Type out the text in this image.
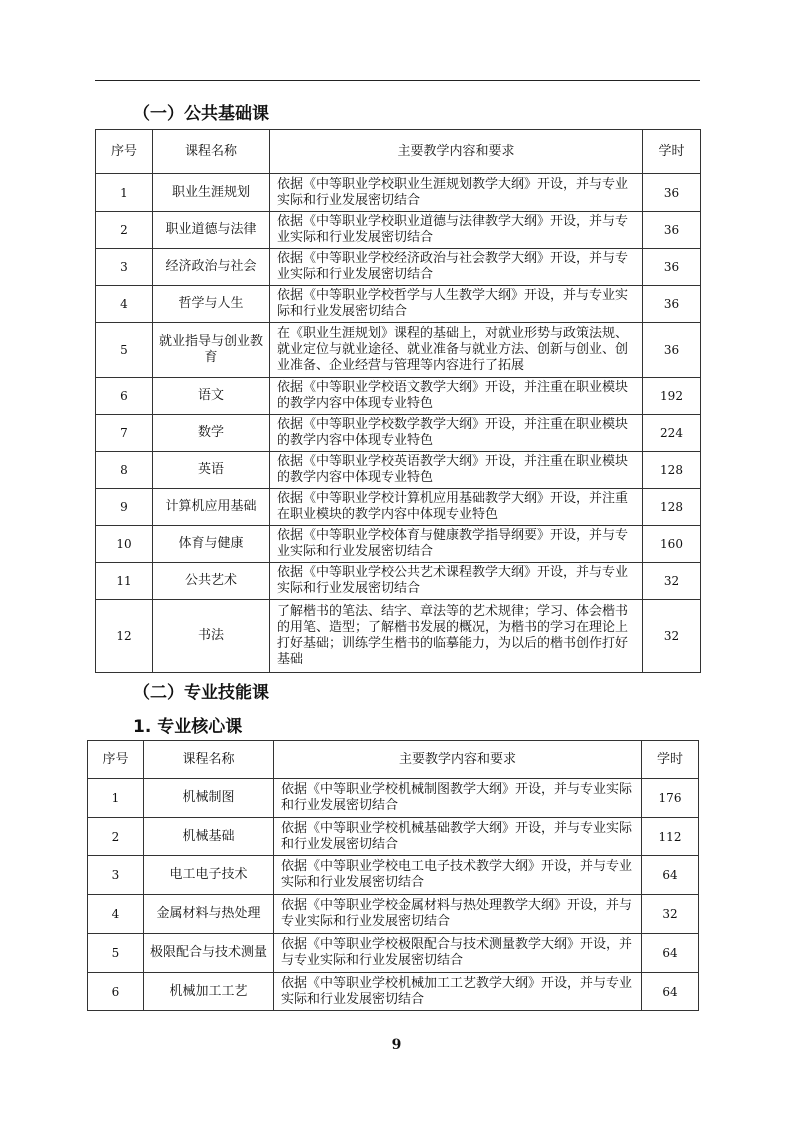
（一）公共基础课
序号	课程名称	主要教学内容和要求	学时
1	职业生涯规划	依据《中等职业学校职业生涯规划教学大纲》开设，并与专业实际和行业发展密切结合	36
2	职业道德与法律	依据《中等职业学校职业道德与法律教学大纲》开设，并与专业实际和行业发展密切结合	36
3	经济政治与社会	依据《中等职业学校经济政治与社会教学大纲》开设，并与专业实际和行业发展密切结合	36
4	哲学与人生	依据《中等职业学校哲学与人生教学大纲》开设，并与专业实际和行业发展密切结合	36
5	就业指导与创业教育	在《职业生涯规划》课程的基础上，对就业形势与政策法规、就业定位与就业途径、就业准备与就业方法、创新与创业、创业准备、企业经营与管理等内容进行了拓展	36
6	语文	依据《中等职业学校语文教学大纲》开设，并注重在职业模块的教学内容中体现专业特色	192
7	数学	依据《中等职业学校数学教学大纲》开设，并注重在职业模块的教学内容中体现专业特色	224
8	英语	依据《中等职业学校英语教学大纲》开设，并注重在职业模块的教学内容中体现专业特色	128
9	计算机应用基础	依据《中等职业学校计算机应用基础教学大纲》开设，并注重在职业模块的教学内容中体现专业特色	128
10	体育与健康	依据《中等职业学校体育与健康教学指导纲要》开设，并与专业实际和行业发展密切结合	160
11	公共艺术	依据《中等职业学校公共艺术课程教学大纲》开设，并与专业实际和行业发展密切结合	32
12	书法	了解楷书的笔法、结字、章法等的艺术规律；学习、体会楷书的用笔、造型；了解楷书发展的概况，为楷书的学习在理论上打好基础；训练学生楷书的临摹能力，为以后的楷书创作打好基础	32
（二）专业技能课
1. 专业核心课
序号	课程名称	主要教学内容和要求	学时
1	机械制图	依据《中等职业学校机械制图教学大纲》开设，并与专业实际和行业发展密切结合	176
2	机械基础	依据《中等职业学校机械基础教学大纲》开设，并与专业实际和行业发展密切结合	112
3	电工电子技术	依据《中等职业学校电工电子技术教学大纲》开设，并与专业实际和行业发展密切结合	64
4	金属材料与热处理	依据《中等职业学校金属材料与热处理教学大纲》开设，并与专业实际和行业发展密切结合	32
5	极限配合与技术测量	依据《中等职业学校极限配合与技术测量教学大纲》开设，并与专业实际和行业发展密切结合	64
6	机械加工工艺	依据《中等职业学校机械加工工艺教学大纲》开设，并与专业实际和行业发展密切结合	64
9
